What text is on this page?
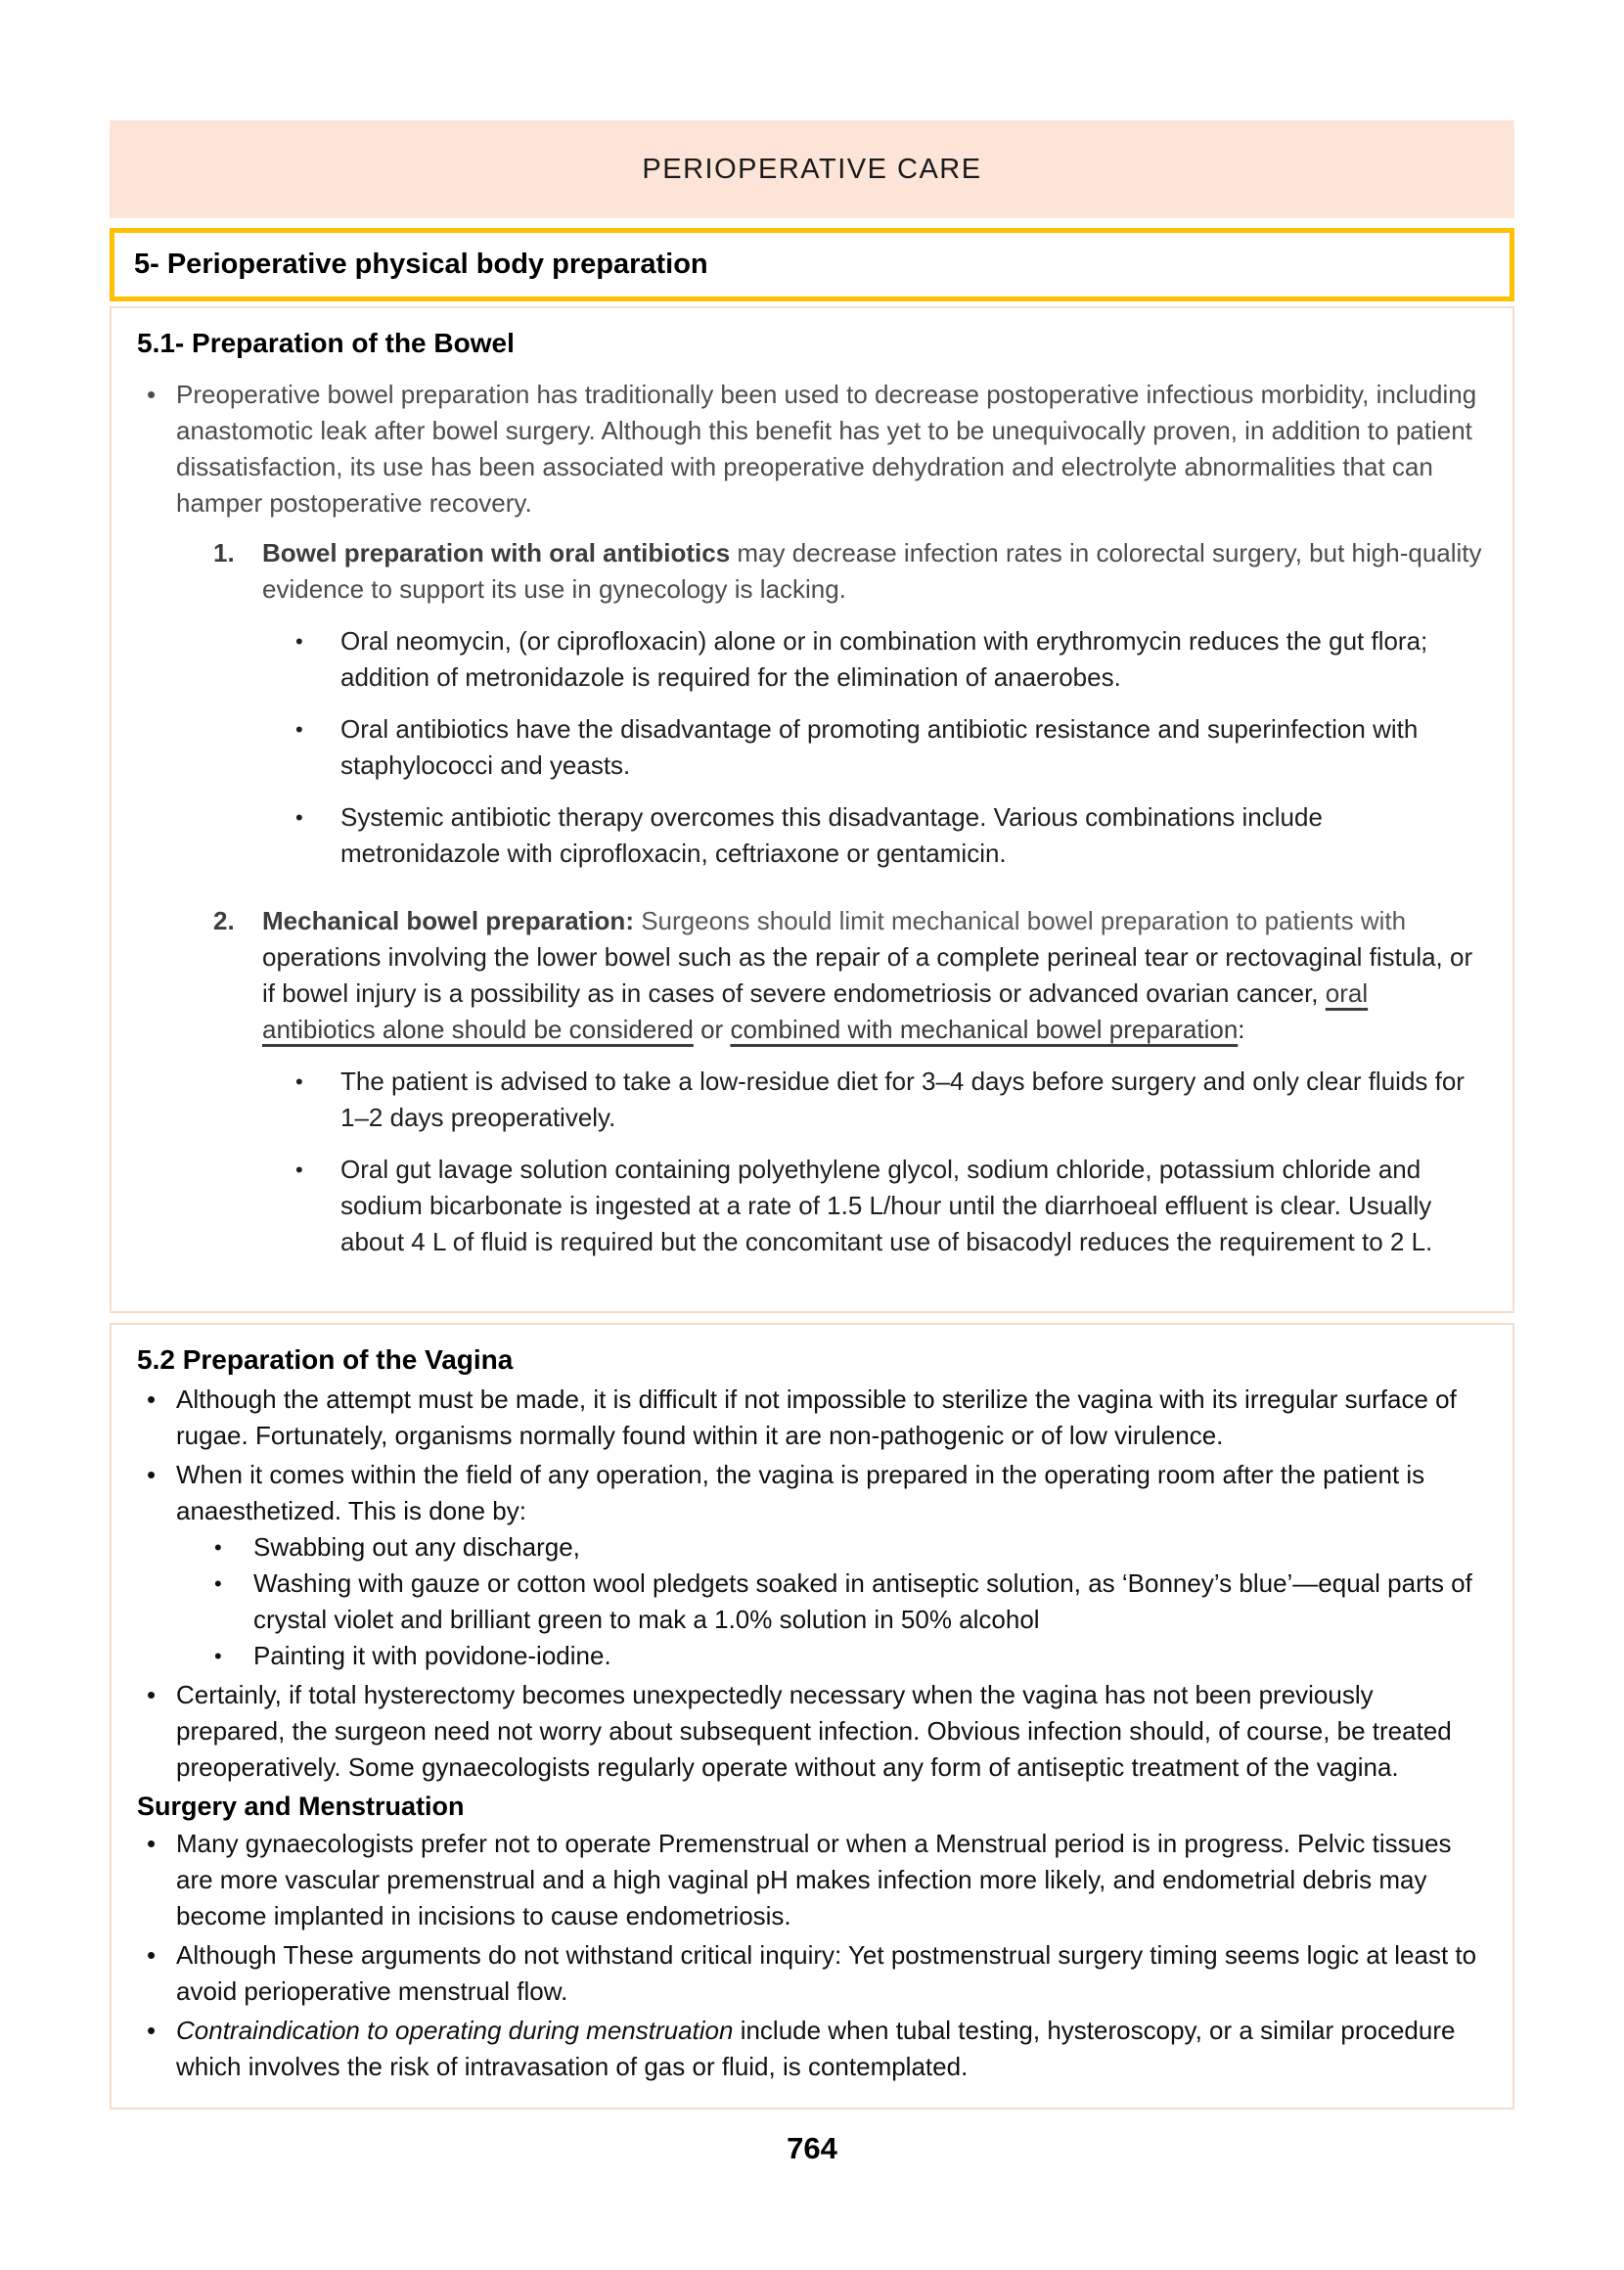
PERIOPERATIVE CARE
5- Perioperative physical body preparation
5.1- Preparation of the Bowel
• Preoperative bowel preparation has traditionally been used to decrease postoperative infectious morbidity, including anastomotic leak after bowel surgery. Although this benefit has yet to be unequivocally proven, in addition to patient dissatisfaction, its use has been associated with preoperative dehydration and electrolyte abnormalities that can hamper postoperative recovery.
1.	Bowel preparation with oral antibiotics may decrease infection rates in colorectal surgery, but high-quality evidence to support its use in gynecology is lacking.
• Oral neomycin, (or ciprofloxacin) alone or in combination with erythromycin reduces the gut flora; addition of metronidazole is required for the elimination of anaerobes.
• Oral antibiotics have the disadvantage of promoting antibiotic resistance and superinfection with staphylococci and yeasts.
• Systemic antibiotic therapy overcomes this disadvantage. Various combinations include metronidazole with ciprofloxacin, ceftriaxone or gentamicin.
2.	Mechanical bowel preparation: Surgeons should limit mechanical bowel preparation to patients with operations involving the lower bowel such as the repair of a complete perineal tear or rectovaginal fistula, or if bowel injury is a possibility as in cases of severe endometriosis or advanced ovarian cancer, oral antibiotics alone should be considered or combined with mechanical bowel preparation:
• The patient is advised to take a low-residue diet for 3–4 days before surgery and only clear fluids for 1–2 days preoperatively.
• Oral gut lavage solution containing polyethylene glycol, sodium chloride, potassium chloride and sodium bicarbonate is ingested at a rate of 1.5 L/hour until the diarrhoeal effluent is clear. Usually about 4 L of fluid is required but the concomitant use of bisacodyl reduces the requirement to 2 L.
5.2 Preparation of the Vagina
• Although the attempt must be made, it is difficult if not impossible to sterilize the vagina with its irregular surface of rugae. Fortunately, organisms normally found within it are non-pathogenic or of low virulence.
• When it comes within the field of any operation, the vagina is prepared in the operating room after the patient is anaesthetized. This is done by:
• Swabbing out any discharge,
• Washing with gauze or cotton wool pledgets soaked in antiseptic solution, as ‘Bonney’s blue’—equal parts of crystal violet and brilliant green to mak a 1.0% solution in 50% alcohol
• Painting it with povidone-iodine.
• Certainly, if total hysterectomy becomes unexpectedly necessary when the vagina has not been previously prepared, the surgeon need not worry about subsequent infection. Obvious infection should, of course, be treated preoperatively. Some gynaecologists regularly operate without any form of antiseptic treatment of the vagina.
Surgery and Menstruation
• Many gynaecologists prefer not to operate Premenstrual or when a Menstrual period is in progress. Pelvic tissues are more vascular premenstrual and a high vaginal pH makes infection more likely, and endometrial debris may become implanted in incisions to cause endometriosis.
• Although These arguments do not withstand critical inquiry: Yet postmenstrual surgery timing seems logic at least to avoid perioperative menstrual flow.
• Contraindication to operating during menstruation include when tubal testing, hysteroscopy, or a similar procedure which involves the risk of intravasation of gas or fluid, is contemplated.
764
